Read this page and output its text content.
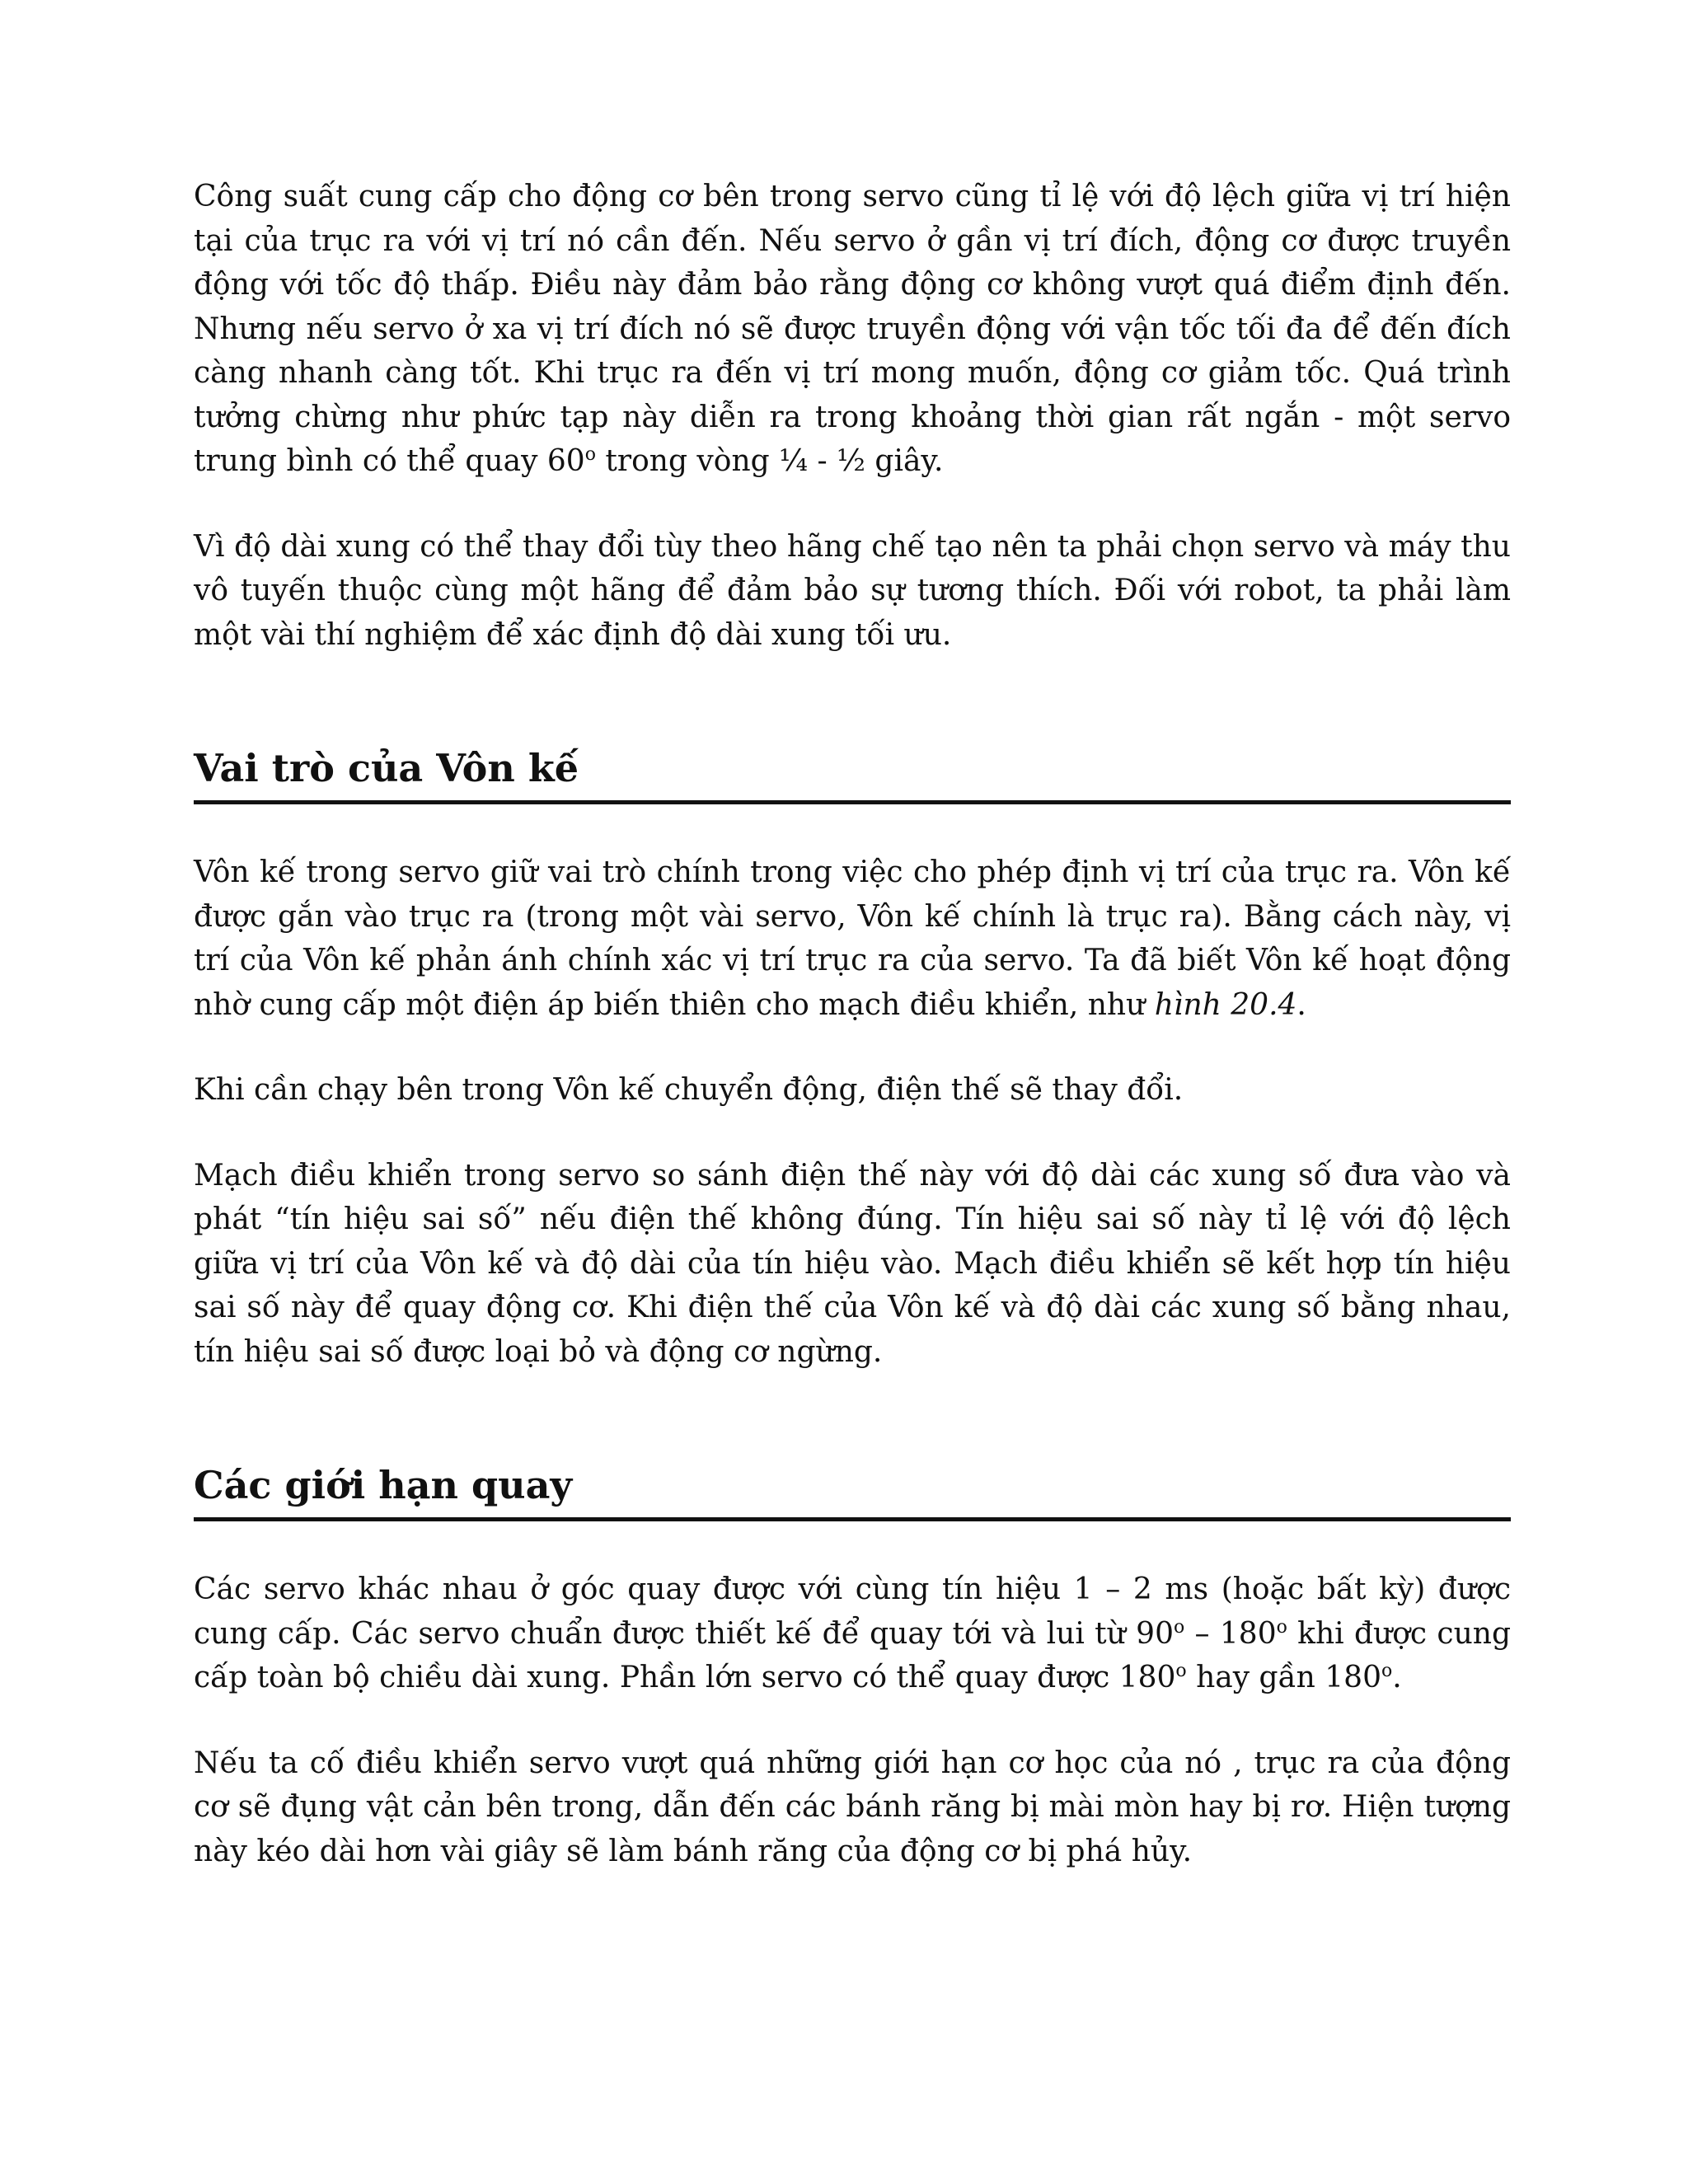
Công suất cung cấp cho động cơ bên trong servo cũng tỉ lệ với độ lệch giữa vị trí hiện tại của trục ra với vị trí nó cần đến. Nếu servo ở gần vị trí đích, động cơ được truyền động với tốc độ thấp. Điều này đảm bảo rằng động cơ không vượt quá điểm định đến. Nhưng nếu servo ở xa vị trí đích nó sẽ được truyền động với vận tốc tối đa để đến đích càng nhanh càng tốt. Khi trục ra đến vị trí mong muốn, động cơ giảm tốc. Quá trình tưởng chừng như phức tạp này diễn ra trong khoảng thời gian rất ngắn - một servo trung bình có thể quay 60$^o$ trong vòng ¼ - ½ giây.

Vì độ dài xung có thể thay đổi tùy theo hãng chế tạo nên ta phải chọn servo và máy thu vô tuyến thuộc cùng một hãng để đảm bảo sự tương thích. Đối với robot, ta phải làm một vài thí nghiệm để xác định độ dài xung tối ưu.

Vai trò của Vôn kế

Vôn kế trong servo giữ vai trò chính trong việc cho phép định vị trí của trục ra. Vôn kế được gắn vào trục ra (trong một vài servo, Vôn kế chính là trục ra). Bằng cách này, vị trí của Vôn kế phản ánh chính xác vị trí trục ra của servo. Ta đã biết Vôn kế hoạt động nhờ cung cấp một điện áp biến thiên cho mạch điều khiển, như hình 20.4.

Khi cần chạy bên trong Vôn kế chuyển động, điện thế sẽ thay đổi.

Mạch điều khiển trong servo so sánh điện thế này với độ dài các xung số đưa vào và phát “tín hiệu sai số” nếu điện thế không đúng. Tín hiệu sai số này tỉ lệ với độ lệch giữa vị trí của Vôn kế và độ dài của tín hiệu vào. Mạch điều khiển sẽ kết hợp tín hiệu sai số này để quay động cơ. Khi điện thế của Vôn kế và độ dài các xung số bằng nhau, tín hiệu sai số được loại bỏ và động cơ ngừng.

Các giới hạn quay

Các servo khác nhau ở góc quay được với cùng tín hiệu 1 – 2 ms (hoặc bất kỳ) được cung cấp. Các servo chuẩn được thiết kế để quay tới và lui từ 90$^o$ – 180$^o$ khi được cung cấp toàn bộ chiều dài xung. Phần lớn servo có thể quay được 180$^o$ hay gần 180$^o$.

Nếu ta cố điều khiển servo vượt quá những giới hạn cơ học của nó , trục ra của động cơ sẽ đụng vật cản bên trong, dẫn đến các bánh răng bị mài mòn hay bị rơ. Hiện tượng này kéo dài hơn vài giây sẽ làm bánh răng của động cơ bị phá hủy.
